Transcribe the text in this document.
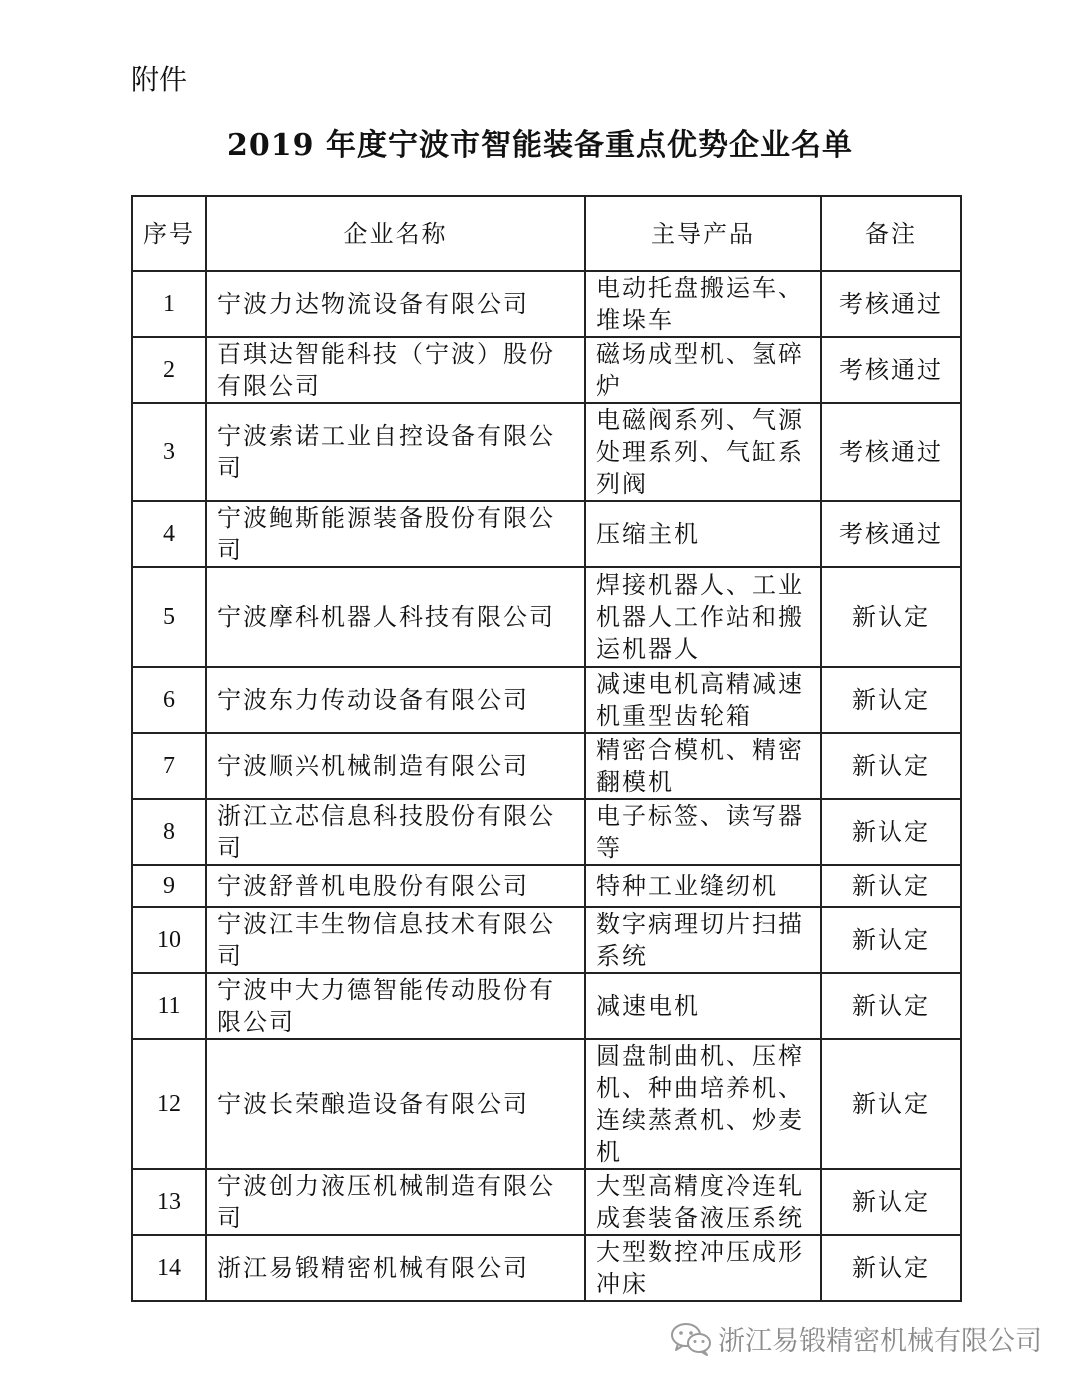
附件
2019 年度宁波市智能装备重点优势企业名单
序号	企业名称	主导产品	备注
1	宁波力达物流设备有限公司	电动托盘搬运车、堆垛车	考核通过
2	百琪达智能科技（宁波）股份有限公司	磁场成型机、氢碎炉	考核通过
3	宁波索诺工业自控设备有限公司	电磁阀系列、气源处理系列、气缸系列阀	考核通过
4	宁波鲍斯能源装备股份有限公司	压缩主机	考核通过
5	宁波摩科机器人科技有限公司	焊接机器人、工业机器人工作站和搬运机器人	新认定
6	宁波东力传动设备有限公司	减速电机高精减速机重型齿轮箱	新认定
7	宁波顺兴机械制造有限公司	精密合模机、精密翻模机	新认定
8	浙江立芯信息科技股份有限公司	电子标签、读写器等	新认定
9	宁波舒普机电股份有限公司	特种工业缝纫机	新认定
10	宁波江丰生物信息技术有限公司	数字病理切片扫描系统	新认定
11	宁波中大力德智能传动股份有限公司	减速电机	新认定
12	宁波长荣酿造设备有限公司	圆盘制曲机、压榨机、种曲培养机、连续蒸煮机、炒麦机	新认定
13	宁波创力液压机械制造有限公司	大型高精度冷连轧成套装备液压系统	新认定
14	浙江易锻精密机械有限公司	大型数控冲压成形冲床	新认定
浙江易锻精密机械有限公司
